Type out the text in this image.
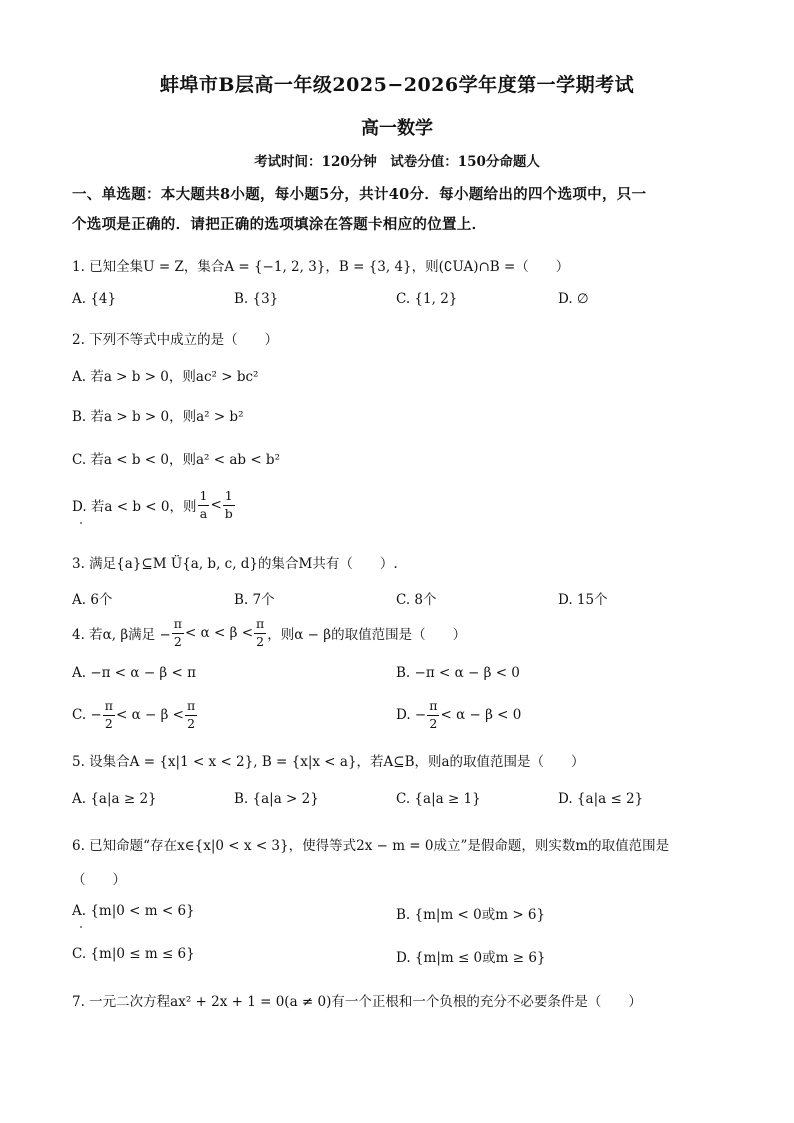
蚌埠市B层高一年级2025−2026学年度第一学期考试
高一数学
考试时间：120分钟　试卷分值：150分命题人
一、单选题：本大题共8小题，每小题5分，共计40分．每小题给出的四个选项中，只一
个选项是正确的．请把正确的选项填涂在答题卡相应的位置上．
1. 已知全集U = Z，集合A = {−1, 2, 3}，B = {3, 4}，则(∁UA)∩B =（　　）
A. {4}	B. {3}	C. {1, 2}	D. ∅
2. 下列不等式中成立的是（　　）
A. 若a > b > 0，则ac² > bc²
B. 若a > b > 0，则a² > b²
C. 若a < b < 0，则a² < ab < b²
D. 若a < b < 0，则 $\frac{1}{a} < \frac{1}{b}$
3. 满足{a}⊆M Ü{a, b, c, d}的集合M共有（　　）.
A. 6个	B. 7个	C. 8个	D. 15个
4. 若α, β满足 − $\frac{\pi}{2} < \alpha < \beta < \frac{\pi}{2}$ ，则α − β的取值范围是（　　）
A. −π < α − β < π	B. −π < α − β < 0
C. − $\frac{\pi}{2} < \alpha - \beta < \frac{\pi}{2}$	D. − $\frac{\pi}{2} < \alpha - \beta < 0$
5. 设集合A = {x|1 < x < 2}, B = {x|x < a}，若A⊆B，则a的取值范围是（　　）
A. {a|a ≥ 2}	B. {a|a > 2}	C. {a|a ≥ 1}	D. {a|a ≤ 2}
6. 已知命题“存在x∈{x|0 < x < 3}，使得等式2x − m = 0成立”是假命题，则实数m的取值范围是
（　　）
A. {m|0 < m < 6}	B. {m|m < 0或m > 6}
C. {m|0 ≤ m ≤ 6}	D. {m|m ≤ 0或m ≥ 6}
7. 一元二次方程ax² + 2x + 1 = 0(a ≠ 0)有一个正根和一个负根的充分不必要条件是（　　）
